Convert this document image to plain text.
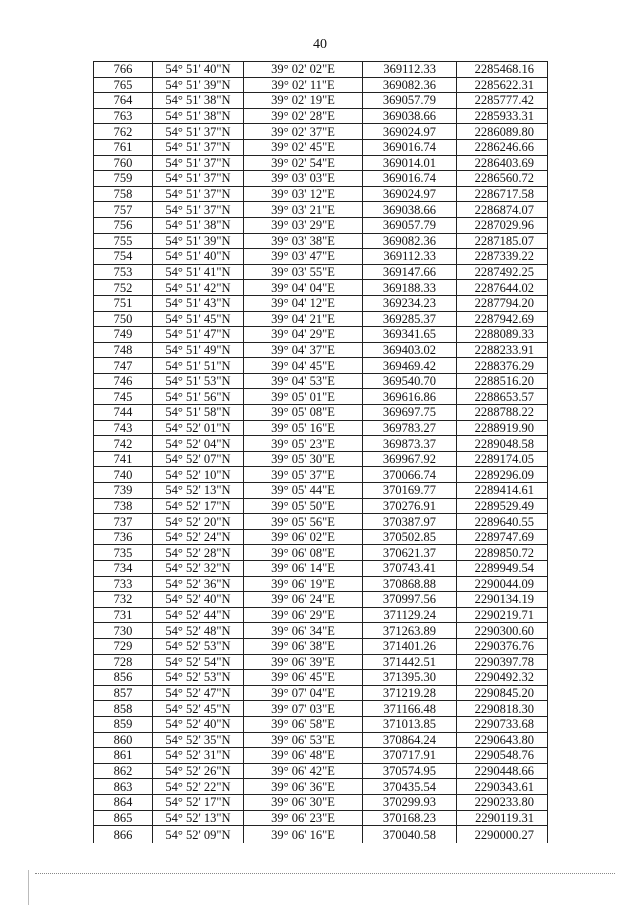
40
766	54° 51' 40"N	39° 02' 02"E	369112.33	2285468.16
765	54° 51' 39"N	39° 02' 11"E	369082.36	2285622.31
764	54° 51' 38"N	39° 02' 19"E	369057.79	2285777.42
763	54° 51' 38"N	39° 02' 28"E	369038.66	2285933.31
762	54° 51' 37"N	39° 02' 37"E	369024.97	2286089.80
761	54° 51' 37"N	39° 02' 45"E	369016.74	2286246.66
760	54° 51' 37"N	39° 02' 54"E	369014.01	2286403.69
759	54° 51' 37"N	39° 03' 03"E	369016.74	2286560.72
758	54° 51' 37"N	39° 03' 12"E	369024.97	2286717.58
757	54° 51' 37"N	39° 03' 21"E	369038.66	2286874.07
756	54° 51' 38"N	39° 03' 29"E	369057.79	2287029.96
755	54° 51' 39"N	39° 03' 38"E	369082.36	2287185.07
754	54° 51' 40"N	39° 03' 47"E	369112.33	2287339.22
753	54° 51' 41"N	39° 03' 55"E	369147.66	2287492.25
752	54° 51' 42"N	39° 04' 04"E	369188.33	2287644.02
751	54° 51' 43"N	39° 04' 12"E	369234.23	2287794.20
750	54° 51' 45"N	39° 04' 21"E	369285.37	2287942.69
749	54° 51' 47"N	39° 04' 29"E	369341.65	2288089.33
748	54° 51' 49"N	39° 04' 37"E	369403.02	2288233.91
747	54° 51' 51"N	39° 04' 45"E	369469.42	2288376.29
746	54° 51' 53"N	39° 04' 53"E	369540.70	2288516.20
745	54° 51' 56"N	39° 05' 01"E	369616.86	2288653.57
744	54° 51' 58"N	39° 05' 08"E	369697.75	2288788.22
743	54° 52' 01"N	39° 05' 16"E	369783.27	2288919.90
742	54° 52' 04"N	39° 05' 23"E	369873.37	2289048.58
741	54° 52' 07"N	39° 05' 30"E	369967.92	2289174.05
740	54° 52' 10"N	39° 05' 37"E	370066.74	2289296.09
739	54° 52' 13"N	39° 05' 44"E	370169.77	2289414.61
738	54° 52' 17"N	39° 05' 50"E	370276.91	2289529.49
737	54° 52' 20"N	39° 05' 56"E	370387.97	2289640.55
736	54° 52' 24"N	39° 06' 02"E	370502.85	2289747.69
735	54° 52' 28"N	39° 06' 08"E	370621.37	2289850.72
734	54° 52' 32"N	39° 06' 14"E	370743.41	2289949.54
733	54° 52' 36"N	39° 06' 19"E	370868.88	2290044.09
732	54° 52' 40"N	39° 06' 24"E	370997.56	2290134.19
731	54° 52' 44"N	39° 06' 29"E	371129.24	2290219.71
730	54° 52' 48"N	39° 06' 34"E	371263.89	2290300.60
729	54° 52' 53"N	39° 06' 38"E	371401.26	2290376.76
728	54° 52' 54"N	39° 06' 39"E	371442.51	2290397.78
856	54° 52' 53"N	39° 06' 45"E	371395.30	2290492.32
857	54° 52' 47"N	39° 07' 04"E	371219.28	2290845.20
858	54° 52' 45"N	39° 07' 03"E	371166.48	2290818.30
859	54° 52' 40"N	39° 06' 58"E	371013.85	2290733.68
860	54° 52' 35"N	39° 06' 53"E	370864.24	2290643.80
861	54° 52' 31"N	39° 06' 48"E	370717.91	2290548.76
862	54° 52' 26"N	39° 06' 42"E	370574.95	2290448.66
863	54° 52' 22"N	39° 06' 36"E	370435.54	2290343.61
864	54° 52' 17"N	39° 06' 30"E	370299.93	2290233.80
865	54° 52' 13"N	39° 06' 23"E	370168.23	2290119.31
866	54° 52' 09"N	39° 06' 16"E	370040.58	2290000.27
